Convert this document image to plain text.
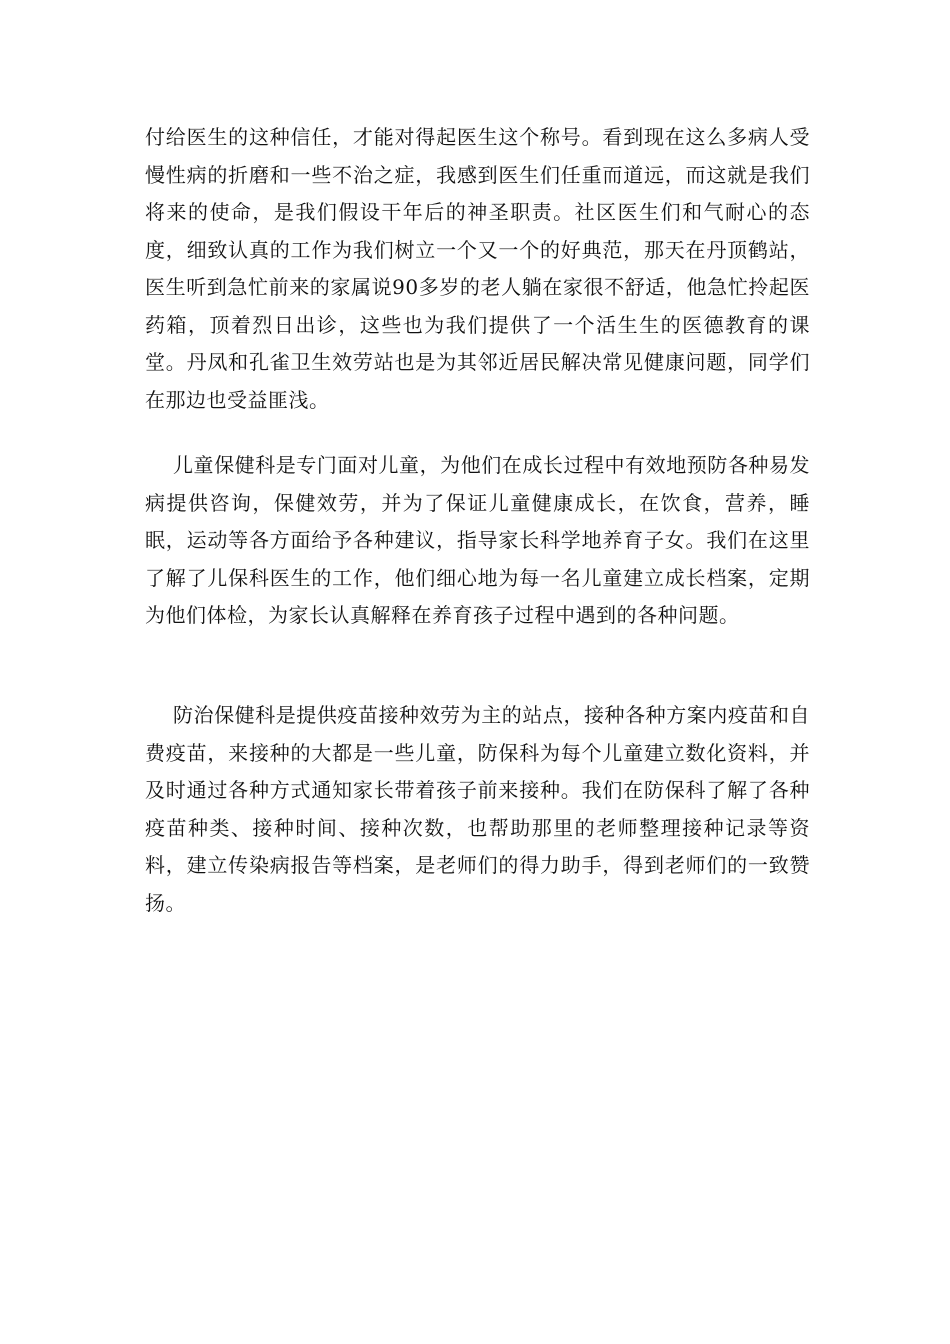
付给医生的这种信任，才能对得起医生这个称号。看到现在这么多病人受慢性病的折磨和一些不治之症，我感到医生们任重而道远，而这就是我们将来的使命，是我们假设干年后的神圣职责。社区医生们和气耐心的态度，细致认真的工作为我们树立一个又一个的好典范，那天在丹顶鹤站，医生听到急忙前来的家属说90多岁的老人躺在家很不舒适，他急忙拎起医药箱，顶着烈日出诊，这些也为我们提供了一个活生生的医德教育的课堂。丹凤和孔雀卫生效劳站也是为其邻近居民解决常见健康问题，同学们在那边也受益匪浅。

儿童保健科是专门面对儿童，为他们在成长过程中有效地预防各种易发病提供咨询，保健效劳，并为了保证儿童健康成长，在饮食，营养，睡眠，运动等各方面给予各种建议，指导家长科学地养育子女。我们在这里了解了儿保科医生的工作，他们细心地为每一名儿童建立成长档案，定期为他们体检，为家长认真解释在养育孩子过程中遇到的各种问题。

防治保健科是提供疫苗接种效劳为主的站点，接种各种方案内疫苗和自费疫苗，来接种的大都是一些儿童，防保科为每个儿童建立数化资料，并及时通过各种方式通知家长带着孩子前来接种。我们在防保科了解了各种疫苗种类、接种时间、接种次数，也帮助那里的老师整理接种记录等资料，建立传染病报告等档案，是老师们的得力助手，得到老师们的一致赞扬。
